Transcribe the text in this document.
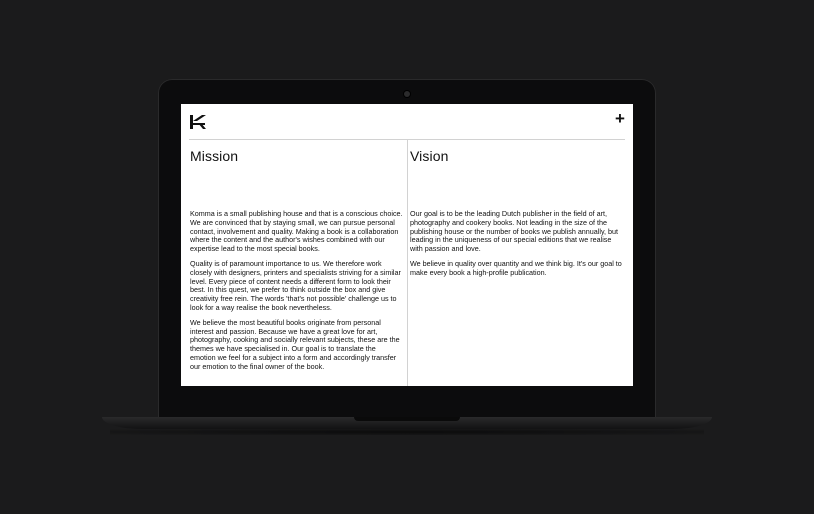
+
Mission

Komma is a small publishing house and that is a conscious choice. We are convinced that by staying small, we can pursue personal contact, involvement and quality. Making a book is a collaboration where the content and the author's wishes combined with our expertise lead to the most special books.

Quality is of paramount importance to us. We therefore work closely with designers, printers and specialists striving for a similar level. Every piece of content needs a different form to look their best. In this quest, we prefer to think outside the box and give creativity free rein. The words 'that's not possible' challenge us to look for a way realise the book nevertheless.

We believe the most beautiful books originate from personal interest and passion. Because we have a great love for art, photography, cooking and socially relevant subjects, these are the themes we have specialised in. Our goal is to translate the emotion we feel for a subject into a form and accordingly transfer our emotion to the final owner of the book.

Vision

Our goal is to be the leading Dutch publisher in the field of art, photography and cookery books. Not leading in the size of the publishing house or the number of books we publish annually, but leading in the uniqueness of our special editions that we realise with passion and love.

We believe in quality over quantity and we think big. It's our goal to make every book a high-profile publication.
